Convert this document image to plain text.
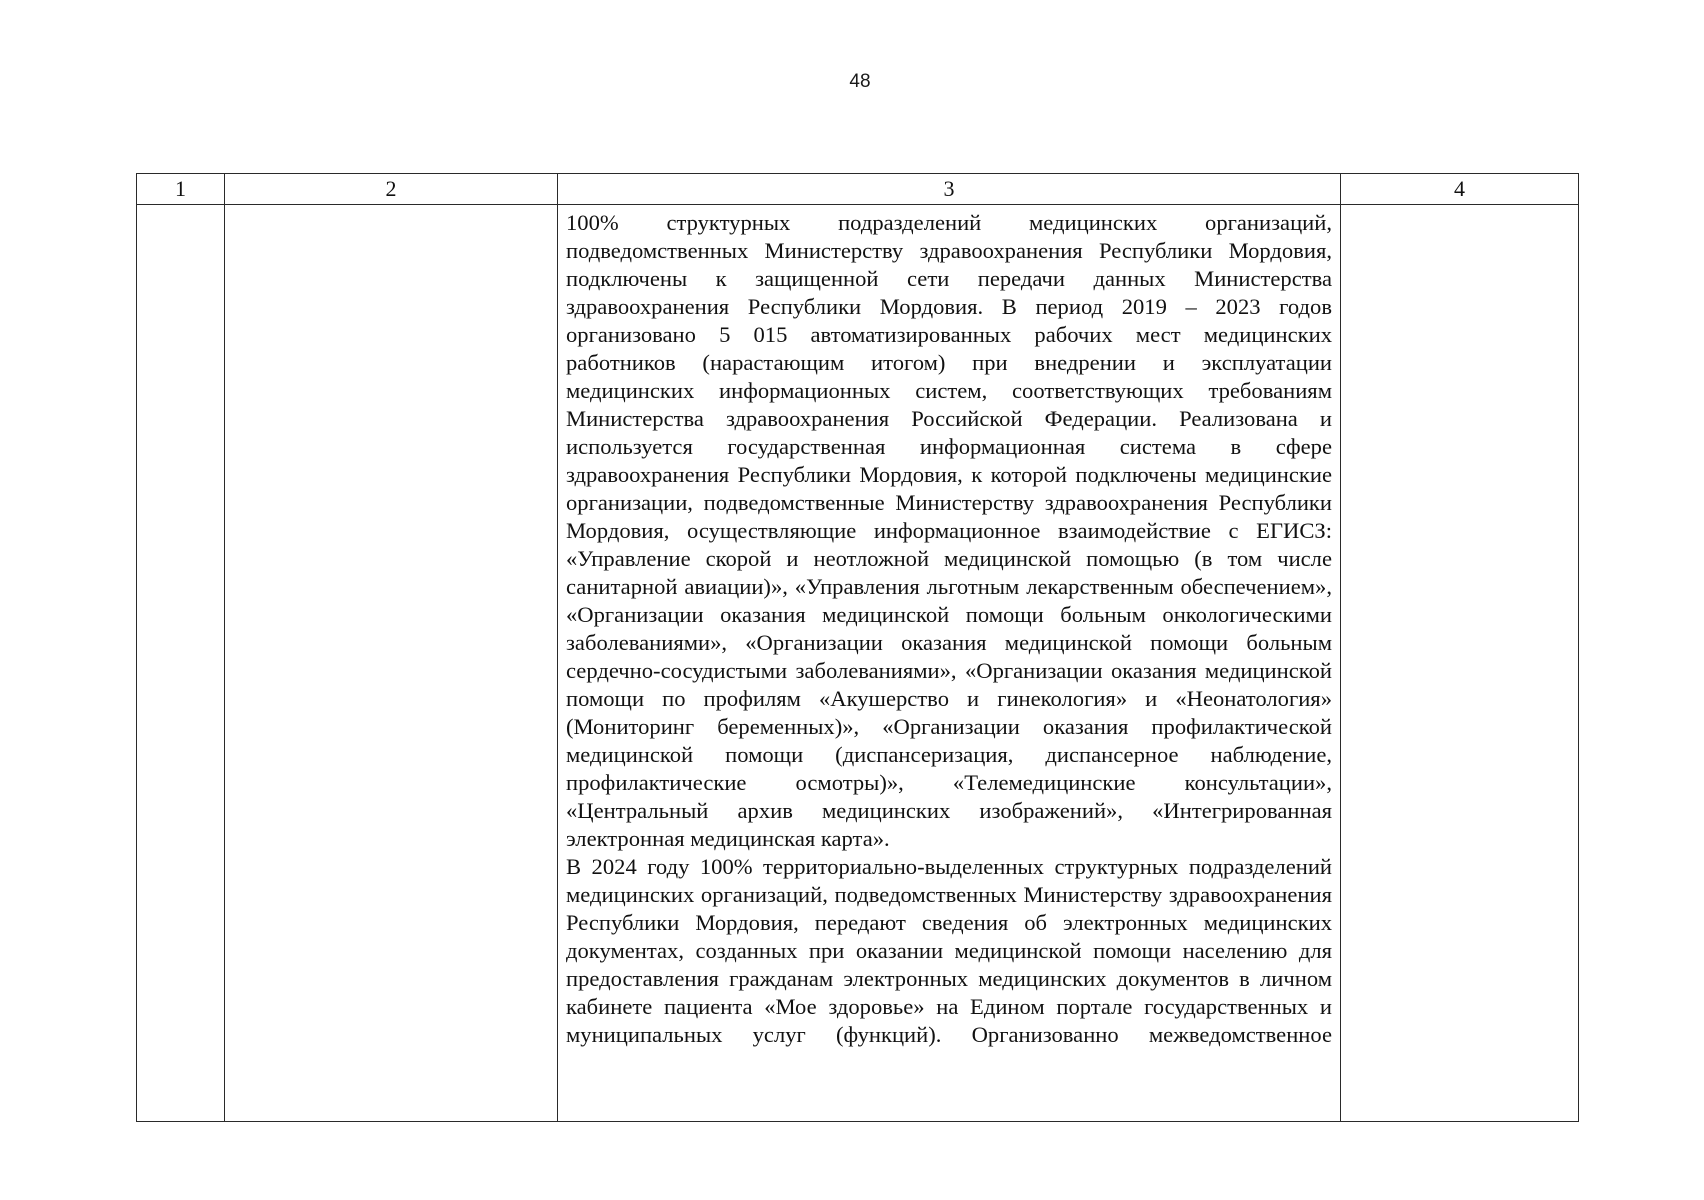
48
1	2	3	4

		100% структурных подразделений медицинских организаций, подведомственных Министерству здравоохранения Республики Мордовия, подключены к защищенной сети передачи данных Министерства здравоохранения Республики Мордовия. В период 2019 – 2023 годов организовано 5 015 автоматизированных рабочих мест медицинских работников (нарастающим итогом) при внедрении и эксплуатации медицинских информационных систем, соответствующих требованиям Министерства здравоохранения Российской Федерации. Реализована и используется государственная информационная система в сфере здравоохранения Республики Мордовия, к которой подключены медицинские организации, подведомственные Министерству здравоохранения Республики Мордовия, осуществляющие информационное взаимодействие с ЕГИСЗ: «Управление скорой и неотложной медицинской помощью (в том числе санитарной авиации)», «Управления льготным лекарственным обеспечением», «Организации оказания медицинской помощи больным онкологическими заболеваниями», «Организации оказания медицинской помощи больным сердечно-сосудистыми заболеваниями», «Организации оказания медицинской помощи по профилям «Акушерство и гинекология» и «Неонатология» (Мониторинг беременных)», «Организации оказания профилактической медицинской помощи (диспансеризация, диспансерное наблюдение, профилактические осмотры)», «Телемедицинские консультации», «Центральный архив медицинских изображений», «Интегрированная электронная медицинская карта».

В 2024 году 100% территориально-выделенных структурных подразделений медицинских организаций, подведомственных Министерству здравоохранения Республики Мордовия, передают сведения об электронных медицинских документах, созданных при оказании медицинской помощи населению для предоставления гражданам электронных медицинских документов в личном кабинете пациента «Мое здоровье» на Едином портале государственных и муниципальных услуг (функций). Организованно межведомственное	
